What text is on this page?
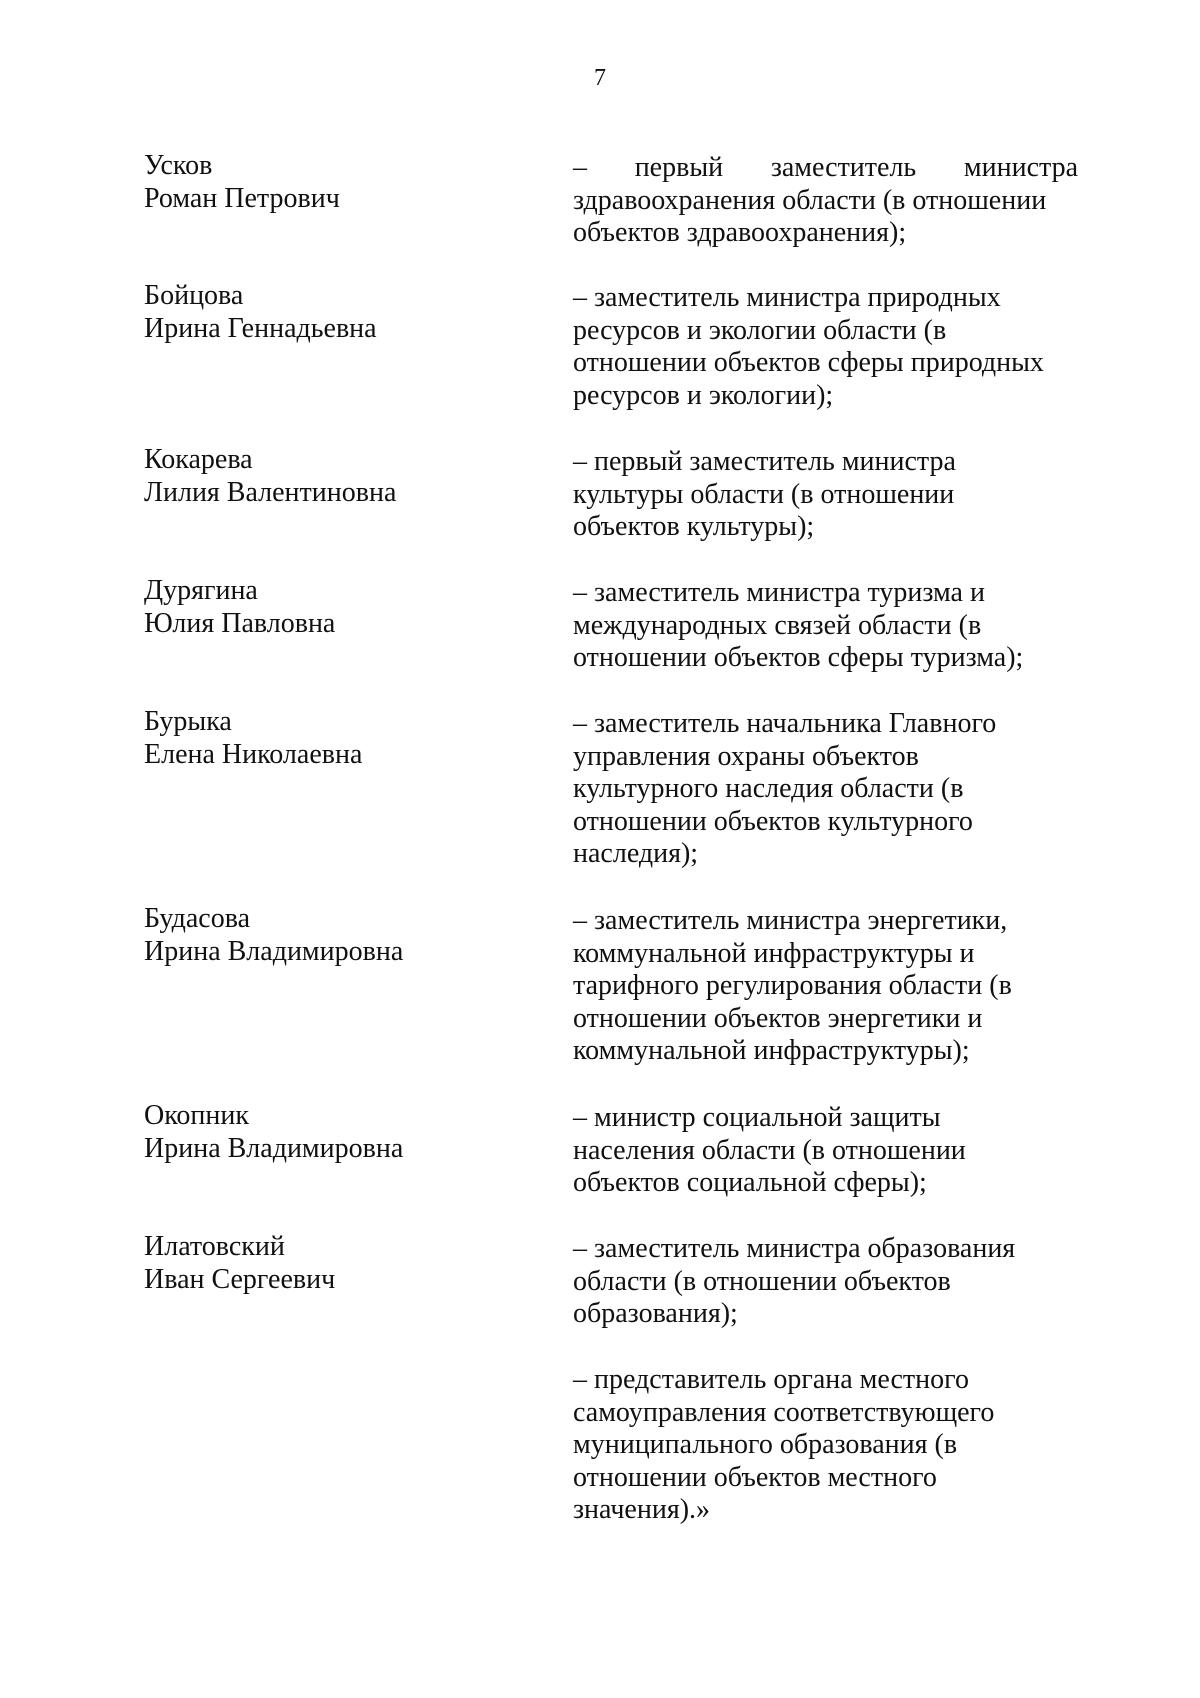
7
Усков
Роман Петрович
– первый заместитель министра
здравоохранения области (в отношении
объектов здравоохранения);
Бойцова
Ирина Геннадьевна
– заместитель министра природных
ресурсов и экологии области (в
отношении объектов сферы природных
ресурсов и экологии);
Кокарева
Лилия Валентиновна
– первый заместитель министра
культуры области (в отношении
объектов культуры);
Дурягина
Юлия Павловна
– заместитель министра туризма и
международных связей области (в
отношении объектов сферы туризма);
Бурыка
Елена Николаевна
– заместитель начальника Главного
управления охраны объектов
культурного наследия области (в
отношении объектов культурного
наследия);
Будасова
Ирина Владимировна
– заместитель министра энергетики,
коммунальной инфраструктуры и
тарифного регулирования области (в
отношении объектов энергетики и
коммунальной инфраструктуры);
Окопник
Ирина Владимировна
– министр социальной защиты
населения области (в отношении
объектов социальной сферы);
Илатовский
Иван Сергеевич
– заместитель министра образования
области (в отношении объектов
образования);
– представитель органа местного
самоуправления соответствующего
муниципального образования (в
отношении объектов местного
значения).»
